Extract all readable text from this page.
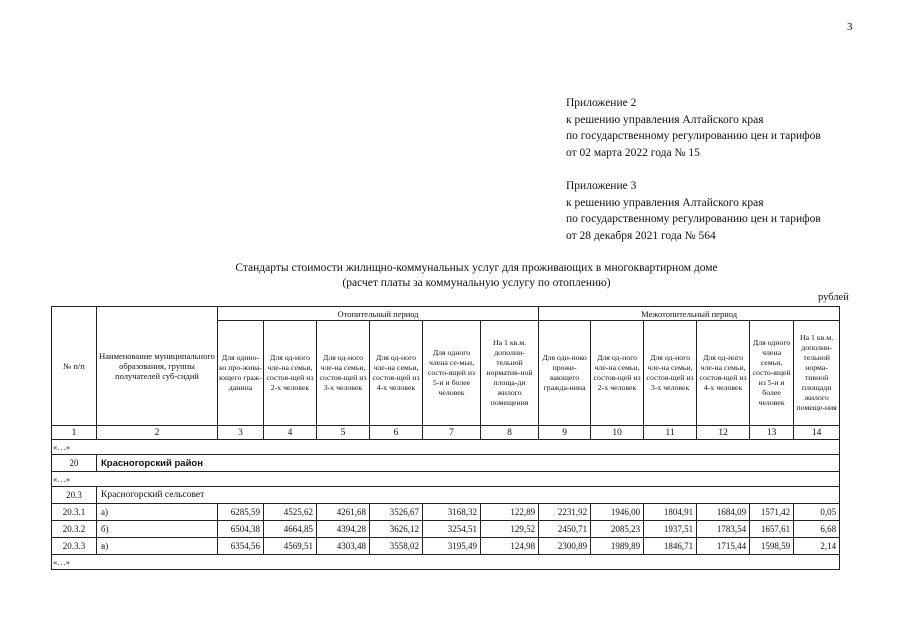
3
Приложение 2
к решению управления Алтайского края
по государственному регулированию цен и тарифов
от 02 марта 2022 года № 15
Приложение 3
к решению управления Алтайского края
по государственному регулированию цен и тарифов
от 28 декабря 2021 года № 564
Стандарты стоимости жилищно-коммунальных услуг для проживающих в многоквартирном доме
(расчет платы за коммунальную услугу по отоплению)
рублей
№ п/п	Наименование муниципального образования, группы получателей суб-сидий	Отопительный период						Межотопительный период					
		Для одино-ко про-жива-ющего граж-данина	Для од-ного чле-на семьи, состоя-щей из 2-х человек	Для од-ного чле-на семьи, состоя-щей из 3-х человек	Для од-ного чле-на семьи, состоя-щей из 4-х человек	Для одного члена се-мьи, состо-ящей из 5-и и более человек	На 1 кв.м. дополни-тельной норматив-ной площа-ди жилого помещения	Для оди-ноко прожи-вающего гражда-нина	Для од-ного чле-на семьи, состоя-щей из 2-х человек	Для од-ного чле-на семьи, состоя-щей из 3-х человек	Для од-ного чле-на семьи, состоя-щей из 4-х человек	Для одного члена семьи, состо-ящей из 5-и и более человек	На 1 кв.м. дополни-тельной норма-тивной площади жилого помеще-ния
1	2	3	4	5	6	7	8	9	10	11	12	13	14
«…»													
20	Красногорский район												
«…»													
20.3	Красногорский сельсовет												
20.3.1	а)	6285,59	4525,62	4261,68	3526,67	3168,32	122,89	2231,92	1946,00	1804,91	1684,09	1571,42	0,05
20.3.2	б)	6504,38	4664,85	4394,28	3626,12	3254,51	129,52	2450,71	2085,23	1937,51	1783,54	1657,61	6,68
20.3.3	в)	6354,56	4569,51	4303,48	3558,02	3195,49	124,98	2300,89	1989,89	1846,71	1715,44	1598,59	2,14
«…»													
